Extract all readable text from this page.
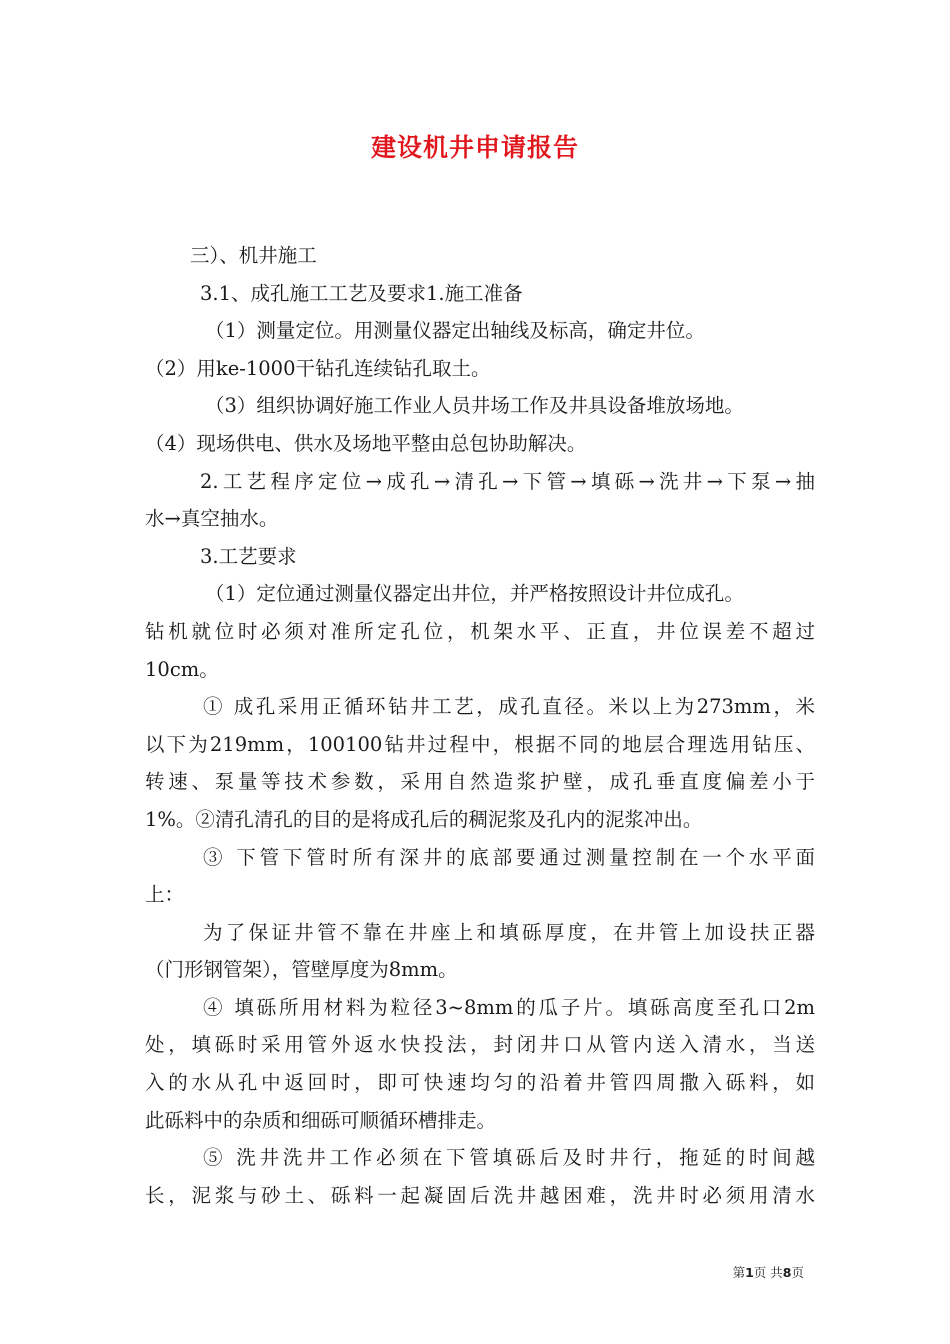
建设机井申请报告
三）、机井施工
3.1、成孔施工工艺及要求1.施工准备
（1）测量定位。用测量仪器定出轴线及标高，确定井位。
（2）用ke-1000干钻孔连续钻孔取土。
（3）组织协调好施工作业人员井场工作及井具设备堆放场地。
（4）现场供电、供水及场地平整由总包协助解决。
2.工艺程序定位→成孔→清孔→下管→填砾→洗井→下泵→抽
水→真空抽水。
3.工艺要求
（1）定位通过测量仪器定出井位，并严格按照设计井位成孔。
钻机就位时必须对准所定孔位，机架水平、正直，井位误差不超过
10cm。
① 成孔采用正循环钻井工艺，成孔直径。米以上为273mm，米
以下为219mm，100100钻井过程中，根据不同的地层合理选用钻压、
转速、泵量等技术参数，采用自然造浆护壁，成孔垂直度偏差小于
1%。②清孔清孔的目的是将成孔后的稠泥浆及孔内的泥浆冲出。
③ 下管下管时所有深井的底部要通过测量控制在一个水平面
上：
为了保证井管不靠在井座上和填砾厚度，在井管上加设扶正器
（门形钢管架），管壁厚度为8mm。
④ 填砾所用材料为粒径3~8mm的瓜子片。填砾高度至孔口2m
处，填砾时采用管外返水快投法，封闭井口从管内送入清水，当送
入的水从孔中返回时，即可快速均匀的沿着井管四周撒入砾料，如
此砾料中的杂质和细砾可顺循环槽排走。
⑤ 洗井洗井工作必须在下管填砾后及时井行，拖延的时间越
长，泥浆与砂土、砾料一起凝固后洗井越困难，洗井时必须用清水
第1页 共8页
